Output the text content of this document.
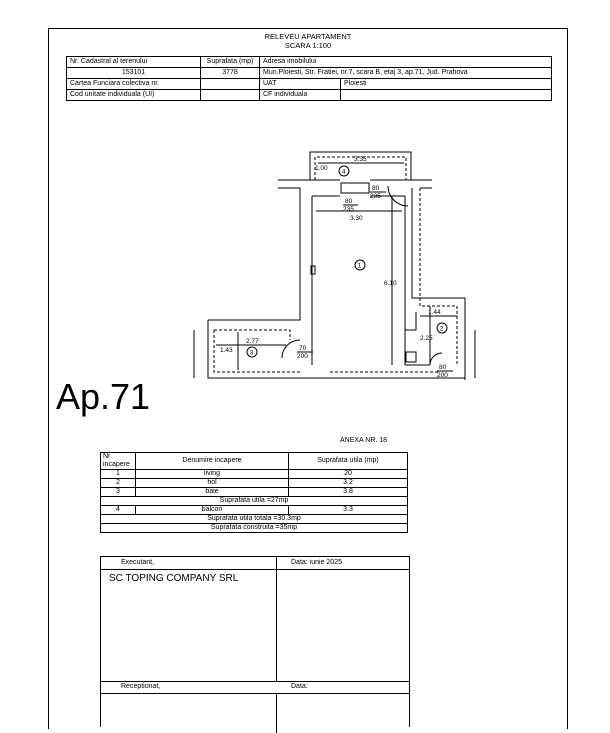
RELEVEU APARTAMENT
SCARA 1:100
Nr. Cadastral al terenului	Suprafata (mp)	Adresa imobilului	
153101	3778	Mun.Ploiesti, Str. Fratiei, nr.7, scara B, etaj 3, ap.71, Jud. Prahova	
Cartea Funciara colectiva nr.		UAT	Ploiesti
Cod unitate individuala (UI)		CF individuala	
3.35
1.00
3.30
6.10
1.44
2.25
2.77
1.43
80
235
80
235
70
200
80
200
1
2
3
4
Ap.71
ANEXA NR. 18
Nr. incapere	Denumire incapere	Suprafata utila (mp)
1	living	20
2	hol	3.2
3	baie	3.8
Suprafata utila =27mp		
4	balcon	3.3
Suprafata utila totala =30.3mp		
Suprafata construita =35mp		
Executant,	Data: iunie 2025
SC TOPING COMPANY SRL
Receptionat,	Data:
